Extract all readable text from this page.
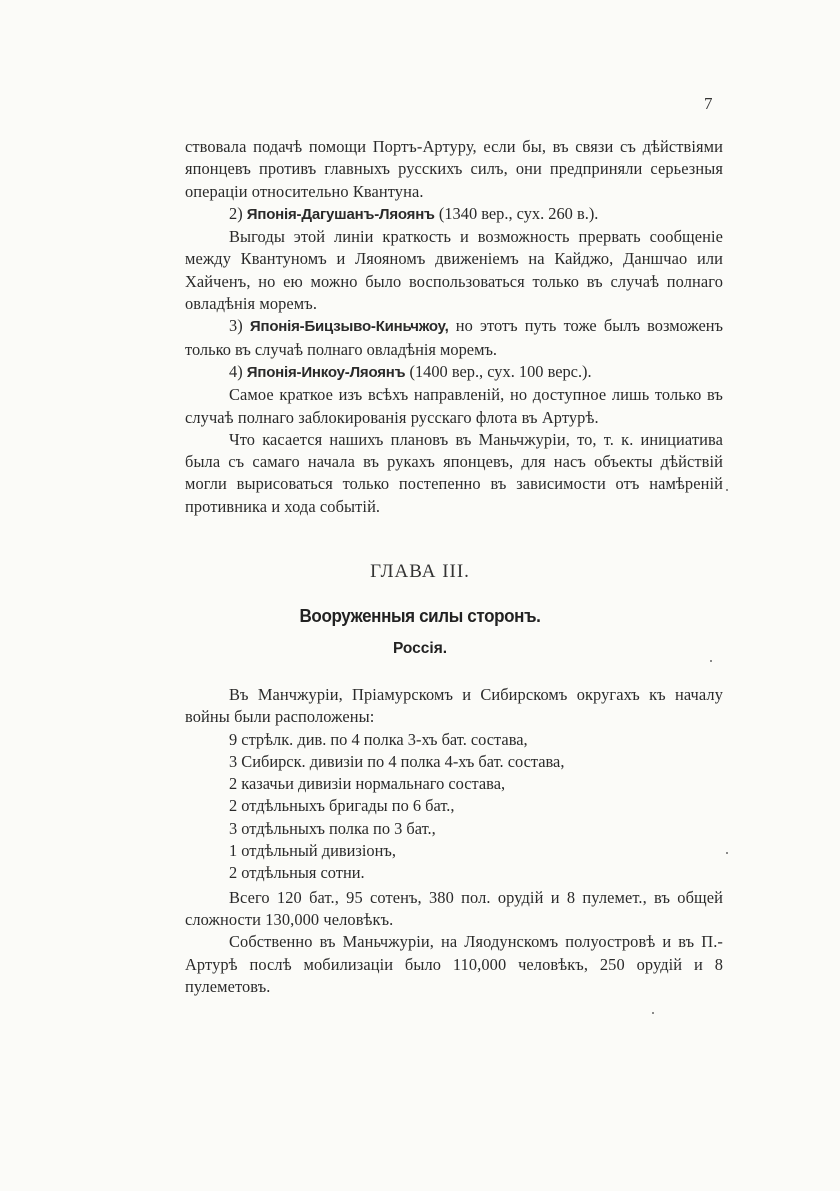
7

ствовала подачѣ помощи Портъ-Артуру, если бы, въ связи съ дѣйствіями японцевъ противъ главныхъ русскихъ силъ, они предприняли серьезныя операціи относительно Квантуна.

2) Японія-Дагушанъ-Ляоянъ (1340 вер., сух. 260 в.).

Выгоды этой линіи краткость и возможность прервать сообщеніе между Квантуномъ и Ляояномъ движеніемъ на Кайджо, Даншчао или Хайченъ, но ею можно было воспользоваться только въ случаѣ полнаго овладѣнія моремъ.

3) Японія-Бицзыво-Киньчжоу, но этотъ путь тоже былъ возможенъ только въ случаѣ полнаго овладѣнія моремъ.

4) Японія-Инкоу-Ляоянъ (1400 вер., сух. 100 верс.).

Самое краткое изъ всѣхъ направленій, но доступное лишь только въ случаѣ полнаго заблокированія русскаго флота въ Артурѣ.

Что касается нашихъ плановъ въ Маньчжуріи, то, т. к. инициатива была съ самаго начала въ рукахъ японцевъ, для насъ объекты дѣйствій могли вырисоваться только постепенно въ зависимости отъ намѣреній противника и хода событій.

ГЛАВА III.
Вооруженныя силы сторонъ.
Россія.

Въ Манчжуріи, Пріамурскомъ и Сибирскомъ округахъ къ началу войны были расположены:

9 стрѣлк. див. по 4 полка 3-хъ бат. состава,
3 Сибирск. дивизіи по 4 полка 4-хъ бат. состава,
2 казачьи дивизіи нормальнаго состава,
2 отдѣльныхъ бригады по 6 бат.,
3 отдѣльныхъ полка по 3 бат.,
1 отдѣльный дивизіонъ,
2 отдѣльныя сотни.

Всего 120 бат., 95 сотенъ, 380 пол. орудій и 8 пулемет., въ общей сложности 130,000 человѣкъ.

Собственно въ Маньчжуріи, на Ляодунскомъ полуостровѣ и въ П.-Артурѣ послѣ мобилизаціи было 110,000 человѣкъ, 250 орудій и 8 пулеметовъ.
